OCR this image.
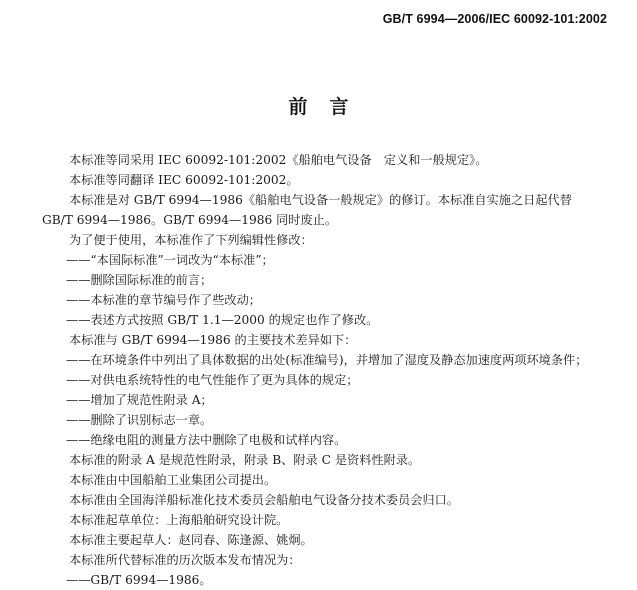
GB/T 6994—2006/IEC 60092-101:2002
前言
本标准等同采用 IEC 60092-101:2002《船舶电气设备　定义和一般规定》。
本标准等同翻译 IEC 60092-101:2002。
本标准是对 GB/T 6994—1986《船舶电气设备一般规定》的修订。本标准自实施之日起代替
GB/T 6994—1986。GB/T 6994—1986 同时废止。
为了便于使用，本标准作了下列编辑性修改：
——“本国际标准”一词改为“本标准”；
——删除国际标准的前言；
——本标准的章节编号作了些改动；
——表述方式按照 GB/T 1.1—2000 的规定也作了修改。
本标准与 GB/T 6994—1986 的主要技术差异如下：
——在环境条件中列出了具体数据的出处(标准编号)，并增加了湿度及静态加速度两项环境条件；
——对供电系统特性的电气性能作了更为具体的规定；
——增加了规范性附录 A；
——删除了识别标志一章。
——绝缘电阻的测量方法中删除了电极和试样内容。
本标准的附录 A 是规范性附录，附录 B、附录 C 是资料性附录。
本标准由中国船舶工业集团公司提出。
本标准由全国海洋船标准化技术委员会船舶电气设备分技术委员会归口。
本标准起草单位：上海船舶研究设计院。
本标准主要起草人：赵同春、陈逢源、姚炯。
本标准所代替标准的历次版本发布情况为：
——GB/T 6994—1986。
